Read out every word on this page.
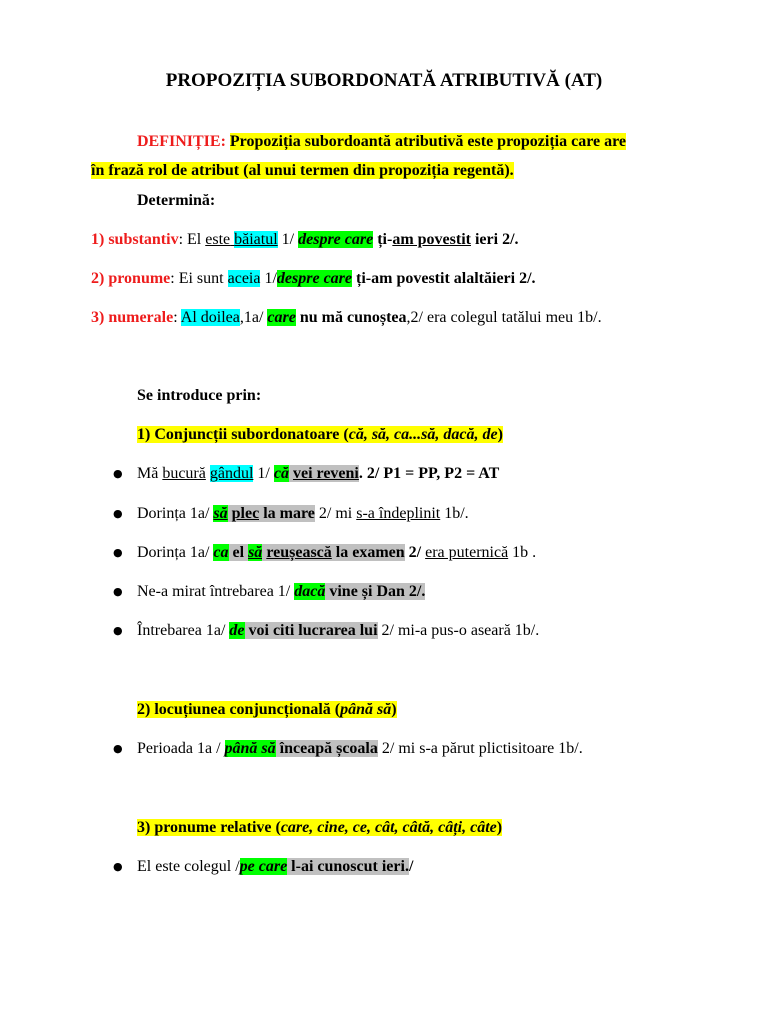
PROPOZIȚIA SUBORDONATĂ ATRIBUTIVĂ (AT)
DEFINIȚIE: Propoziția subordoantă atributivă este propoziția care are
în frază rol de atribut (al unui termen din propoziția regentă).
Determină:
1) substantiv: El este băiatul 1/ despre care ți-am povestit ieri 2/.
2) pronume: Ei sunt aceia 1/despre care ți-am povestit alaltăieri 2/.
3) numerale: Al doilea,1a/ care nu mă cunoștea,2/ era colegul tatălui meu 1b/.
Se introduce prin:
1) Conjuncții subordonatoare (că, să, ca...să, dacă, de)
● Mă bucură gândul 1/ că vei reveni. 2/ P1 = PP, P2 = AT
● Dorința 1a/ să plec la mare 2/ mi s-a îndeplinit 1b/.
● Dorința 1a/ ca el să reușească la examen 2/ era puternică 1b .
● Ne-a mirat întrebarea 1/ dacă vine și Dan 2/.
● Întrebarea 1a/ de voi citi lucrarea lui 2/ mi-a pus-o aseară 1b/.
2) locuțiunea conjuncțională (până să)
● Perioada 1a / până să înceapă școala 2/ mi s-a părut plictisitoare 1b/.
3) pronume relative (care, cine, ce, cât, câtă, câți, câte)
● El este colegul /pe care l-ai cunoscut ieri./
